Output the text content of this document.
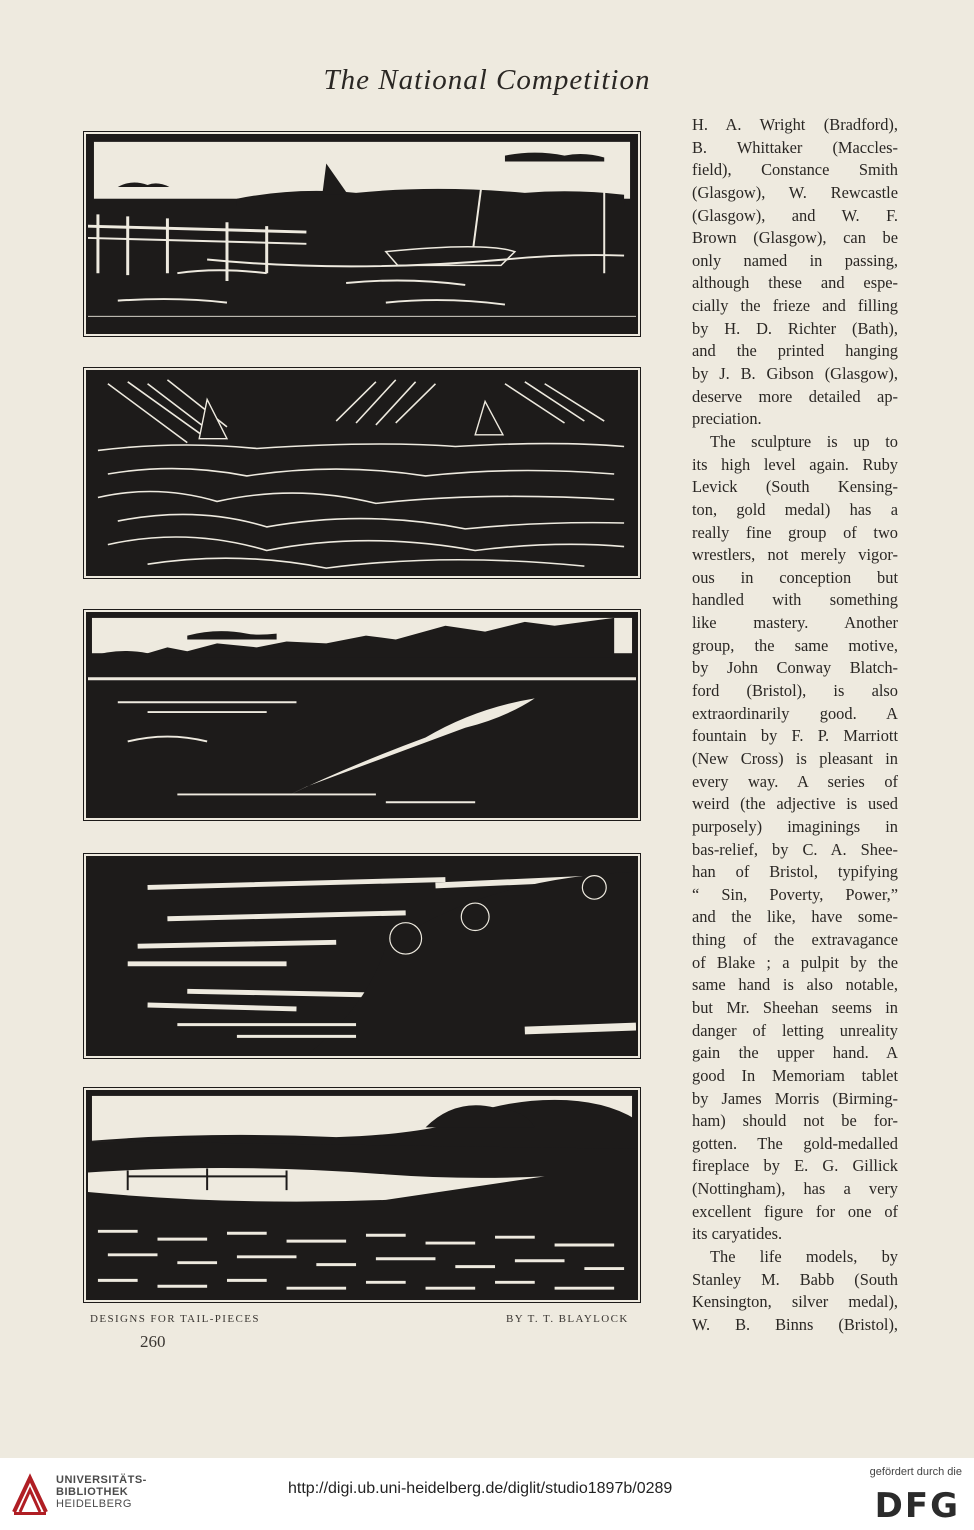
The National Competition
DESIGNS FOR TAIL-PIECES	BY T. T. BLAYLOCK
260
H. A. Wright (Bradford),
B. Whittaker (Maccles-
field), Constance Smith
(Glasgow), W. Rewcastle
(Glasgow), and W. F.
Brown (Glasgow), can be
only named in passing,
although these and espe-
cially the frieze and filling
by H. D. Richter (Bath),
and the printed hanging
by J. B. Gibson (Glasgow),
deserve more detailed ap-
preciation.
The sculpture is up to
its high level again. Ruby
Levick (South Kensing-
ton, gold medal) has a
really fine group of two
wrestlers, not merely vigor-
ous in conception but
handled with something
like mastery. Another
group, the same motive,
by John Conway Blatch-
ford (Bristol), is also
extraordinarily good. A
fountain by F. P. Marriott
(New Cross) is pleasant in
every way. A series of
weird (the adjective is used
purposely) imaginings in
bas-relief, by C. A. Shee-
han of Bristol, typifying
“ Sin, Poverty, Power,”
and the like, have some-
thing of the extravagance
of Blake ; a pulpit by the
same hand is also notable,
but Mr. Sheehan seems in
danger of letting unreality
gain the upper hand. A
good In Memoriam tablet
by James Morris (Birming-
ham) should not be for-
gotten. The gold-medalled
fireplace by E. G. Gillick
(Nottingham), has a very
excellent figure for one of
its caryatides.
The life models, by
Stanley M. Babb (South
Kensington, silver medal),
W. B. Binns (Bristol),
UNIVERSITÄTS-
BIBLIOTHEK
HEIDELBERG
http://digi.ub.uni-heidelberg.de/diglit/studio1897b/0289
gefördert durch die
DFG
